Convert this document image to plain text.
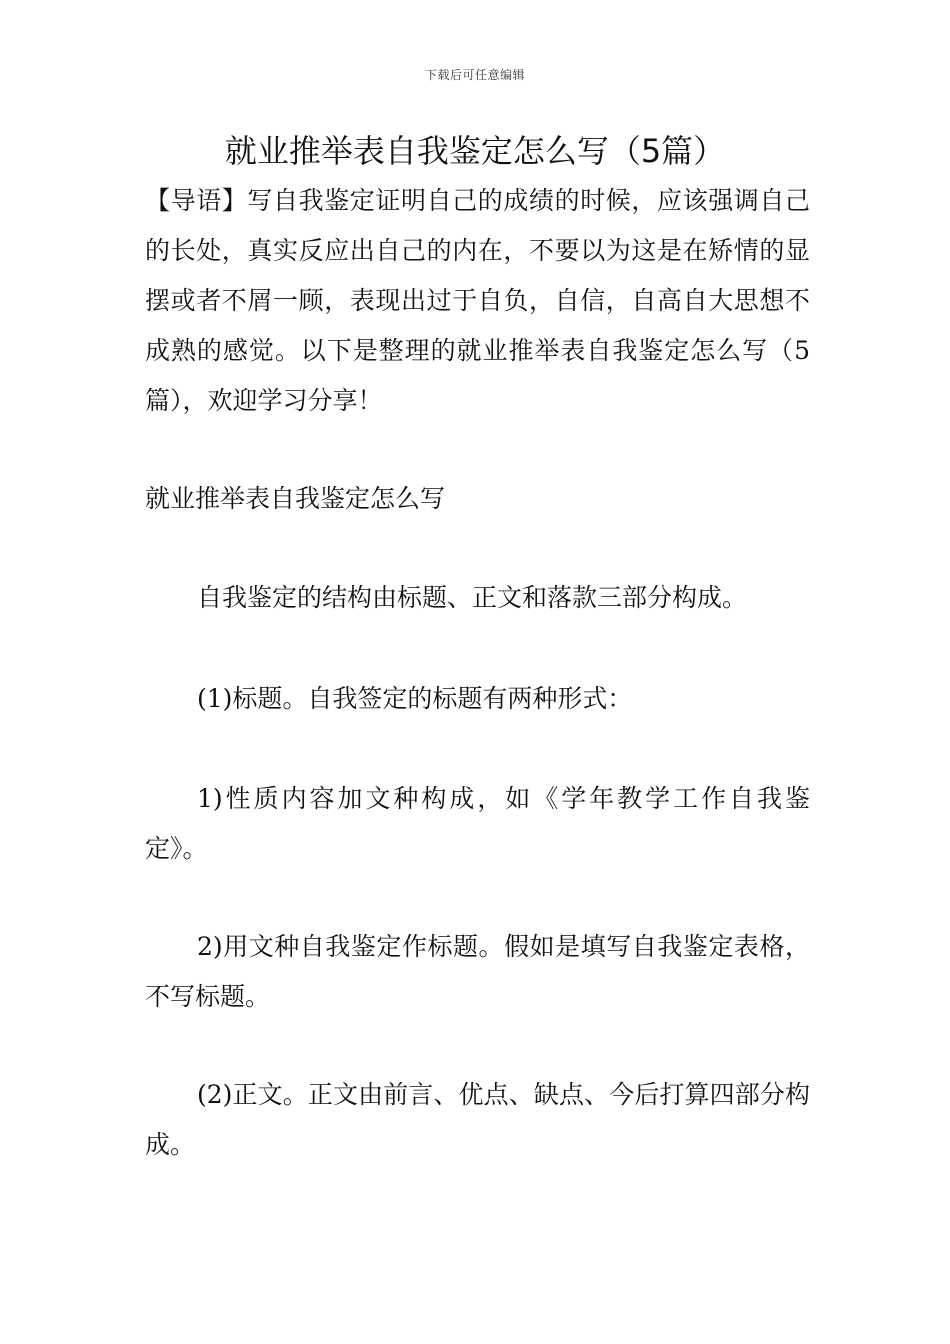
下载后可任意编辑
就业推举表自我鉴定怎么写（5篇）

【导语】写自我鉴定证明自己的成绩的时候，应该强调自己的长处，真实反应出自己的内在，不要以为这是在矫情的显摆或者不屑一顾，表现出过于自负，自信，自高自大思想不成熟的感觉。以下是整理的就业推举表自我鉴定怎么写（5篇），欢迎学习分享！

就业推举表自我鉴定怎么写

自我鉴定的结构由标题、正文和落款三部分构成。

(1)标题。自我签定的标题有两种形式：

1)性质内容加文种构成，如《学年教学工作自我鉴定》。

2)用文种自我鉴定作标题。假如是填写自我鉴定表格，不写标题。

(2)正文。正文由前言、优点、缺点、今后打算四部分构成。
